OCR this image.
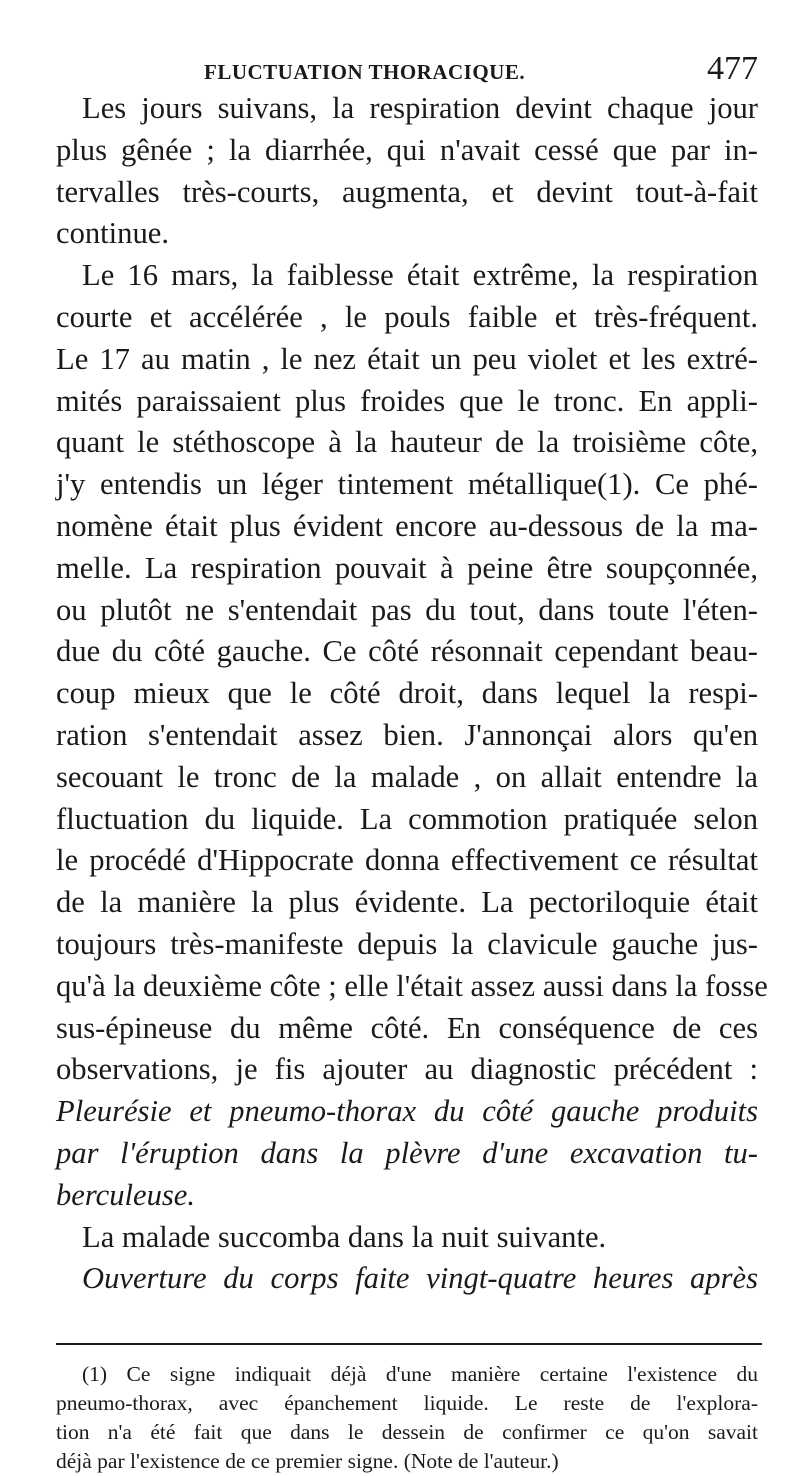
FLUCTUATION THORACIQUE.	477
Les jours suivans, la respiration devint chaque jour
plus gênée ; la diarrhée, qui n'avait cessé que par in-
tervalles très-courts, augmenta, et devint tout-à-fait
continue.
Le 16 mars, la faiblesse était extrême, la respiration
courte et accélérée , le pouls faible et très-fréquent.
Le 17 au matin , le nez était un peu violet et les extré-
mités paraissaient plus froides que le tronc. En appli-
quant le stéthoscope à la hauteur de la troisième côte,
j'y entendis un léger tintement métallique(1). Ce phé-
nomène était plus évident encore au-dessous de la ma-
melle. La respiration pouvait à peine être soupçonnée,
ou plutôt ne s'entendait pas du tout, dans toute l'éten-
due du côté gauche. Ce côté résonnait cependant beau-
coup mieux que le côté droit, dans lequel la respi-
ration s'entendait assez bien. J'annonçai alors qu'en
secouant le tronc de la malade , on allait entendre la
fluctuation du liquide. La commotion pratiquée selon
le procédé d'Hippocrate donna effectivement ce résultat
de la manière la plus évidente. La pectoriloquie était
toujours très-manifeste depuis la clavicule gauche jus-
qu'à la deuxième côte ; elle l'était assez aussi dans la fosse
sus-épineuse du même côté. En conséquence de ces
observations, je fis ajouter au diagnostic précédent :
Pleurésie et pneumo-thorax du côté gauche produits
par l'éruption dans la plèvre d'une excavation tu-
berculeuse.
La malade succomba dans la nuit suivante.
Ouverture du corps faite vingt-quatre heures après
(1) Ce signe indiquait déjà d'une manière certaine l'existence du
pneumo-thorax, avec épanchement liquide. Le reste de l'explora-
tion n'a été fait que dans le dessein de confirmer ce qu'on savait
déjà par l'existence de ce premier signe. (Note de l'auteur.)
